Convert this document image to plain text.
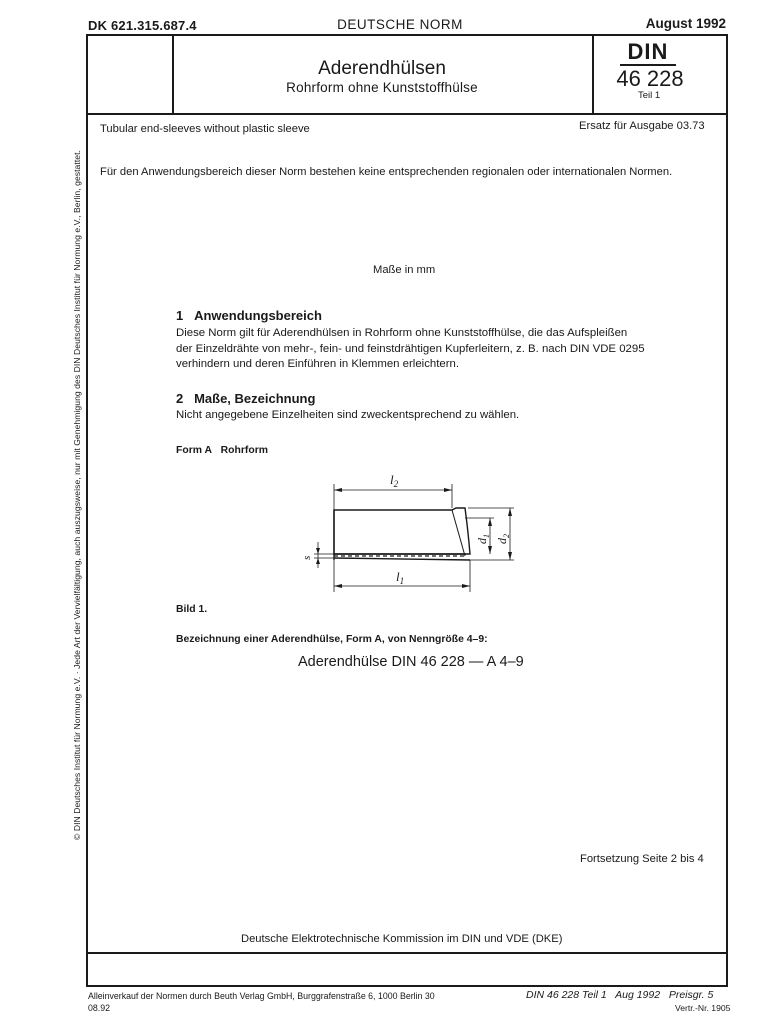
DK 621.315.687.4	DEUTSCHE NORM	August 1992
Aderendhülsen
Rohrform ohne Kunststoffhülse
DIN
46 228
Teil 1
© DIN Deutsches Institut für Normung e.V. · Jede Art der Vervielfältigung, auch auszugsweise, nur mit Genehmigung des DIN Deutsches Institut für Normung e.V., Berlin, gestattet.
Tubular end-sleeves without plastic sleeve	Ersatz für Ausgabe 03.73
Für den Anwendungsbereich dieser Norm bestehen keine entsprechenden regionalen oder internationalen Normen.
Maße in mm
1 Anwendungsbereich
Diese Norm gilt für Aderendhülsen in Rohrform ohne Kunststoffhülse, die das Aufspleißen
der Einzeldrähte von mehr-, fein- und feinstdrähtigen Kupferleitern, z. B. nach DIN VDE 0295
verhindern und deren Einführen in Klemmen erleichtern.
2 Maße, Bezeichnung
Nicht angegebene Einzelheiten sind zweckentsprechend zu wählen.
Form A Rohrform
$l_2$
$l_1$
$d_1$
$d_2$
s
Bild 1.
Bezeichnung einer Aderendhülse, Form A, von Nenngröße 4–9:
Aderendhülse DIN 46 228 — A 4–9
Fortsetzung Seite 2 bis 4
Deutsche Elektrotechnische Kommission im DIN und VDE (DKE)
Alleinverkauf der Normen durch Beuth Verlag GmbH, Burggrafenstraße 6, 1000 Berlin 30
08.92
DIN 46 228 Teil 1   Aug 1992   Preisgr. 5
Vertr.-Nr. 1905
